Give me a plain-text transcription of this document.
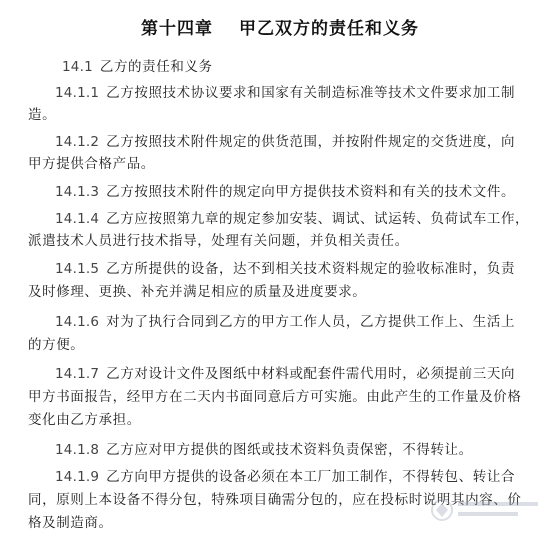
第十四章 甲乙双方的责任和义务
14.1 乙方的责任和义务
14.1.1 乙方按照技术协议要求和国家有关制造标准等技术文件要求加工制
造。
14.1.2 乙方按照技术附件规定的供货范围，并按附件规定的交货进度，向
甲方提供合格产品。
14.1.3 乙方按照技术附件的规定向甲方提供技术资料和有关的技术文件。
14.1.4 乙方应按照第九章的规定参加安装、调试、试运转、负荷试车工作，
派遣技术人员进行技术指导，处理有关问题，并负相关责任。
14.1.5 乙方所提供的设备，达不到相关技术资料规定的验收标准时，负责
及时修理、更换、补充并满足相应的质量及进度要求。
14.1.6 对为了执行合同到乙方的甲方工作人员，乙方提供工作上、生活上
的方便。
14.1.7 乙方对设计文件及图纸中材料或配套件需代用时，必须提前三天向
甲方书面报告，经甲方在二天内书面同意后方可实施。由此产生的工作量及价格
变化由乙方承担。
14.1.8 乙方应对甲方提供的图纸或技术资料负责保密，不得转让。
14.1.9 乙方向甲方提供的设备必须在本工厂加工制作，不得转包、转让合
同，原则上本设备不得分包，特殊项目确需分包的，应在投标时说明其内容、价
格及制造商。
